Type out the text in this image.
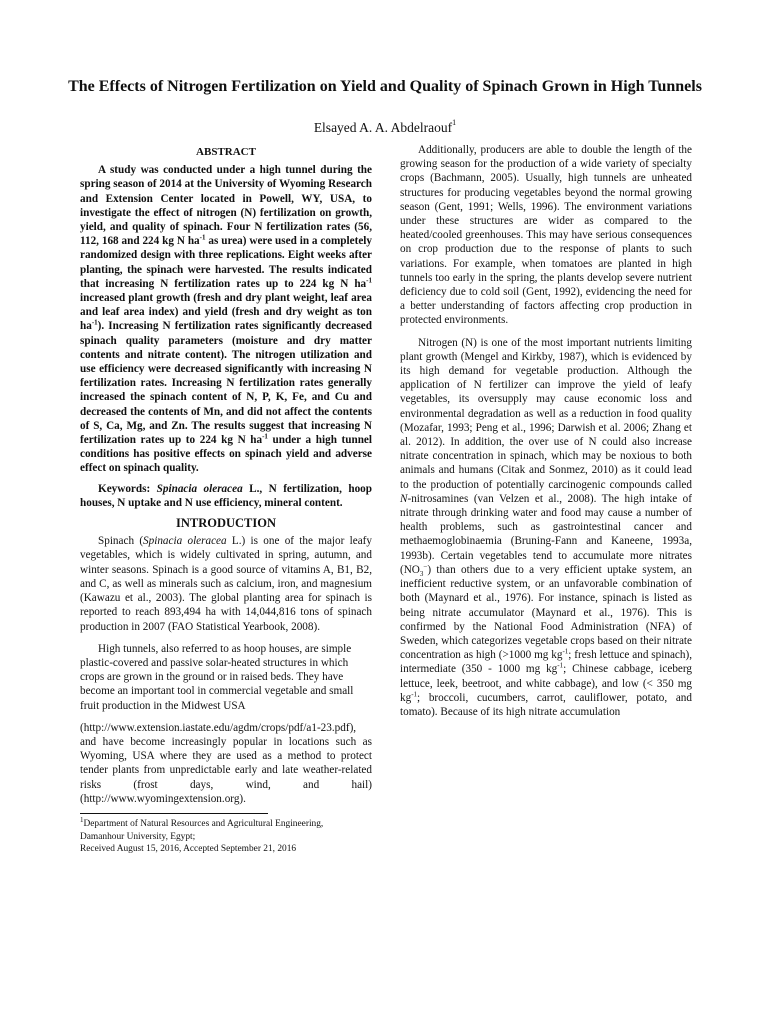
The Effects of Nitrogen Fertilization on Yield and Quality of Spinach Grown in High Tunnels
Elsayed A. A. Abdelraouf$^1$
ABSTRACT

A study was conducted under a high tunnel during the spring season of 2014 at the University of Wyoming Research and Extension Center located in Powell, WY, USA, to investigate the effect of nitrogen (N) fertilization on growth, yield, and quality of spinach. Four N fertilization rates (56, 112, 168 and 224 kg N $ha^{-1}$ as urea) were used in a completely randomized design with three replications. Eight weeks after planting, the spinach were harvested. The results indicated that increasing N fertilization rates up to 224 kg N $ha^{-1}$ increased plant growth (fresh and dry plant weight, leaf area and leaf area index) and yield (fresh and dry weight as ton $ha^{-1}$). Increasing N fertilization rates significantly decreased spinach quality parameters (moisture and dry matter contents and nitrate content). The nitrogen utilization and use efficiency were decreased significantly with increasing N fertilization rates. Increasing N fertilization rates generally increased the spinach content of N, P, K, Fe, and Cu and decreased the contents of Mn, and did not affect the contents of S, Ca, Mg, and Zn. The results suggest that increasing N fertilization rates up to 224 kg N $ha^{-1}$ under a high tunnel conditions has positive effects on spinach yield and adverse effect on spinach quality.

Keywords: Spinacia oleracea L., N fertilization, hoop houses, N uptake and N use efficiency, mineral content.

INTRODUCTION

Spinach (Spinacia oleracea L.) is one of the major leafy vegetables, which is widely cultivated in spring, autumn, and winter seasons. Spinach is a good source of vitamins A, B1, B2, and C, as well as minerals such as calcium, iron, and magnesium (Kawazu et al., 2003). The global planting area for spinach is reported to reach 893,494 ha with 14,044,816 tons of spinach production in 2007 (FAO Statistical Yearbook, 2008).

High tunnels, also referred to as hoop houses, are simple plastic-covered and passive solar-heated structures in which crops are grown in the ground or in raised beds. They have become an important tool in commercial vegetable and small fruit production in the Midwest USA

(http://www.extension.iastate.edu/agdm/crops/pdf/a1-23.pdf), and have become increasingly popular in locations such as Wyoming, USA where they are used as a method to protect tender plants from unpredictable early and late weather-related risks (frost days, wind, and hail) (http://www.wyomingextension.org).

Additionally, producers are able to double the length of the growing season for the production of a wide variety of specialty crops (Bachmann, 2005). Usually, high tunnels are unheated structures for producing vegetables beyond the normal growing season (Gent, 1991; Wells, 1996). The environment variations under these structures are wider as compared to the heated/cooled greenhouses. This may have serious consequences on crop production due to the response of plants to such variations. For example, when tomatoes are planted in high tunnels too early in the spring, the plants develop severe nutrient deficiency due to cold soil (Gent, 1992), evidencing the need for a better understanding of factors affecting crop production in protected environments.

Nitrogen (N) is one of the most important nutrients limiting plant growth (Mengel and Kirkby, 1987), which is evidenced by its high demand for vegetable production. Although the application of N fertilizer can improve the yield of leafy vegetables, its oversupply may cause economic loss and environmental degradation as well as a reduction in food quality (Mozafar, 1993; Peng et al., 1996; Darwish et al. 2006; Zhang et al. 2012). In addition, the over use of N could also increase nitrate concentration in spinach, which may be noxious to both animals and humans (Citak and Sonmez, 2010) as it could lead to the production of potentially carcinogenic compounds called N-nitrosamines (van Velzen et al., 2008). The high intake of nitrate through drinking water and food may cause a number of health problems, such as gastrointestinal cancer and methaemoglobinaemia (Bruning-Fann and Kaneene, 1993a, 1993b). Certain vegetables tend to accumulate more nitrates $(NO_3^-)$ than others due to a very efficient uptake system, an inefficient reductive system, or an unfavorable combination of both (Maynard et al., 1976). For instance, spinach is listed as being nitrate accumulator (Maynard et al., 1976). This is confirmed by the National Food Administration (NFA) of Sweden, which categorizes vegetable crops based on their nitrate concentration as high (>1000 mg $kg^{-1}$; fresh lettuce and spinach), intermediate (350 - 1000 mg $kg^{-1}$; Chinese cabbage, iceberg lettuce, leek, beetroot, and white cabbage), and low (< 350 mg $kg^{-1}$; broccoli, cucumbers, carrot, cauliflower, potato, and tomato). Because of its high nitrate accumulation

$^1$Department of Natural Resources and Agricultural Engineering,
Damanhour University, Egypt;
Received August 15, 2016, Accepted September 21, 2016
